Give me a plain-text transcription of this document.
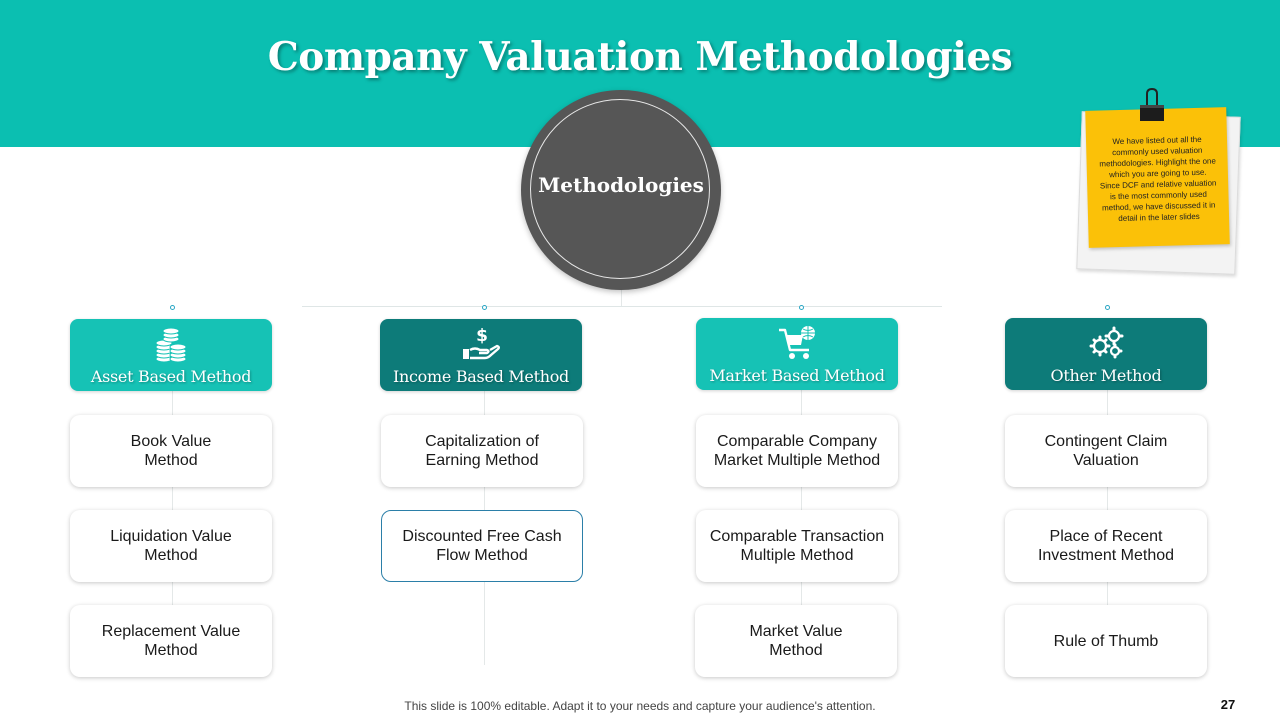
Company Valuation Methodologies
Methodologies
We have listed out all the commonly used valuation methodologies. Highlight the one which you are going to use. Since DCF and relative valuation is the most commonly used method, we have discussed it in detail in the later slides
Asset Based Method
Book Value
Method
Liquidation Value
Method
Replacement Value
Method
$
Income Based Method
Capitalization of
Earning Method
Discounted Free Cash
Flow Method
Market Based Method
Comparable Company
Market Multiple Method
Comparable Transaction
Multiple Method
Market Value
Method
Other Method
Contingent Claim
Valuation
Place of Recent
Investment Method
Rule of Thumb
This slide is 100% editable. Adapt it to your needs and capture your audience's attention.	27
